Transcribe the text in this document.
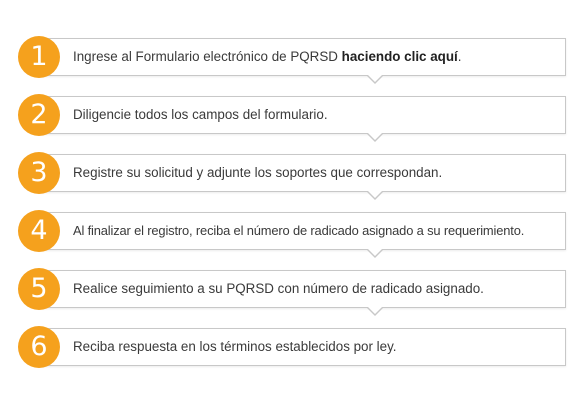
Ingrese al Formulario electrónico de PQRSD haciendo clic aquí.
1
Diligencie todos los campos del formulario.
2
Registre su solicitud y adjunte los soportes que correspondan.
3
Al finalizar el registro, reciba el número de radicado asignado a su requerimiento.
4
Realice seguimiento a su PQRSD con número de radicado asignado.
5
Reciba respuesta en los términos establecidos por ley.
6
